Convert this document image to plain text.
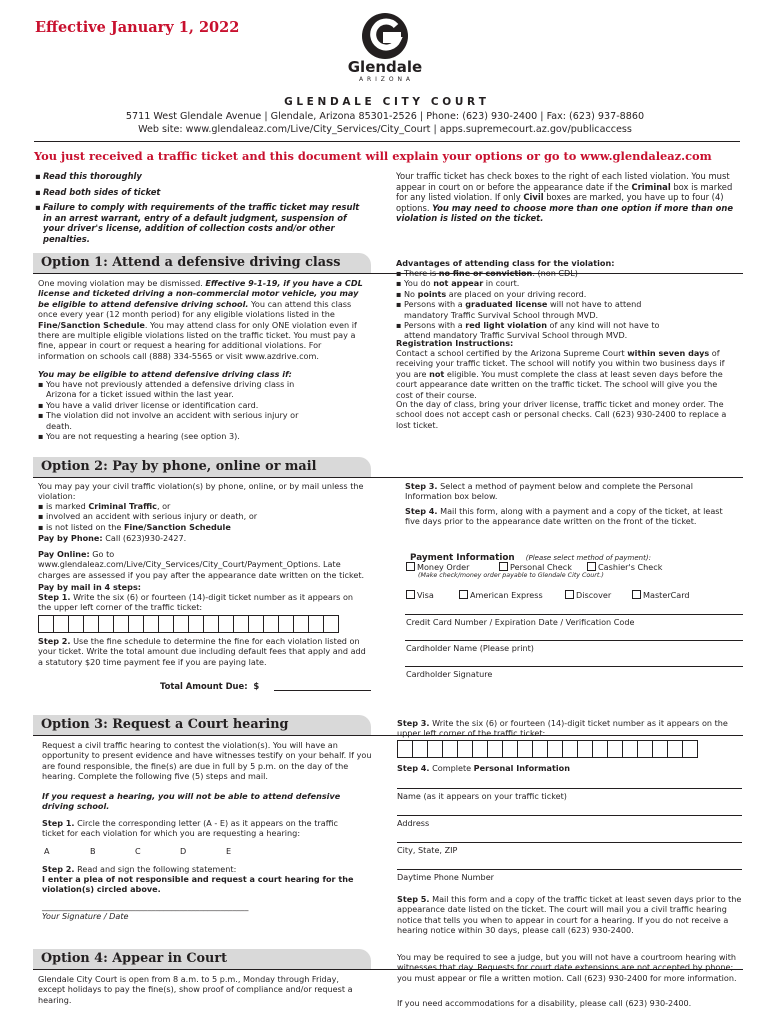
Effective January 1, 2022
Glendale
A R I Z O N A
G L E N D A L E   C I T Y   C O U R T
5711 West Glendale Avenue | Glendale, Arizona 85301-2526 | Phone: (623) 930-2400 | Fax: (623) 937-8860
Web site: www.glendaleaz.com/Live/City_Services/City_Court | apps.supremecourt.az.gov/publicaccess
You just received a traffic ticket and this document will explain your options or go to www.glendaleaz.com
▪ Read this thoroughly
▪ Read both sides of ticket
▪ Failure to comply with requirements of the traffic ticket may result in an arrest warrant, entry of a default judgment, suspension of your driver's license, addition of collection costs and/or other penalties.

Your traffic ticket has check boxes to the right of each listed violation. You must appear in court on or before the appearance date if the Criminal box is marked for any listed violation. If only Civil boxes are marked, you have up to four (4) options. You may need to choose more than one option if more than one violation is listed on the ticket.

Option 1: Attend a defensive driving class

One moving violation may be dismissed. Effective 9-1-19, if you have a CDL license and ticketed driving a non-commercial motor vehicle, you may be eligible to attend defensive driving school. You can attend this class once every year (12 month period) for any eligible violations listed in the Fine/Sanction Schedule. You may attend class for only ONE violation even if there are multiple eligible violations listed on the traffic ticket. You must pay a fine, appear in court or request a hearing for additional violations. For information on schools call (888) 334-5565 or visit www.azdrive.com.

You may be eligible to attend defensive driving class if:
▪ You have not previously attended a defensive driving class in Arizona for a ticket issued within the last year.
▪ You have a valid driver license or identification card.
▪ The violation did not involve an accident with serious injury or death.
▪ You are not requesting a hearing (see option 3).
Advantages of attending class for the violation:
▪ There is no fine or conviction. (non CDL)
▪ You do not appear in court.
▪ No points are placed on your driving record.
▪ Persons with a graduated license will not have to attend mandatory Traffic Survival School through MVD.
▪ Persons with a red light violation of any kind will not have to attend mandatory Traffic Survival School through MVD.
Registration Instructions:

Contact a school certified by the Arizona Supreme Court within seven days of receiving your traffic ticket. The school will notify you within two business days if you are not eligible. You must complete the class at least seven days before the court appearance date written on the traffic ticket. The school will give you the cost of their course.

On the day of class, bring your driver license, traffic ticket and money order. The school does not accept cash or personal checks. Call (623) 930-2400 to replace a lost ticket.

Option 2: Pay by phone, online or mail

You may pay your civil traffic violation(s) by phone, online, or by mail unless the violation:

▪ is marked Criminal Traffic, or
▪ involved an accident with serious injury or death, or
▪ is not listed on the Fine/Sanction Schedule

Pay by Phone: Call (623)930-2427.

Pay Online: Go to www.glendaleaz.com/Live/City_Services/City_Court/Payment_Options. Late charges are assessed if you pay after the appearance date written on the ticket.

Pay by mail in 4 steps:

Step 1. Write the six (6) or fourteen (14)-digit ticket number as it appears on the upper left corner of the traffic ticket:

Step 2. Use the fine schedule to determine the fine for each violation listed on your ticket. Write the total amount due including default fees that apply and add a statutory $20 time payment fee if you are paying late.

Total Amount Due:  $

Step 3. Select a method of payment below and complete the Personal Information box below.

Step 4. Mail this form, along with a payment and a copy of the ticket, at least five days prior to the appearance date written on the front of the ticket.

Payment Information (Please select method of payment):
Money Order	Personal Check	Cashier's Check
(Make check/money order payable to Glendale City Court.)
Visa	American Express	Discover	MasterCard
Credit Card Number / Expiration Date / Verification Code
Cardholder Name (Please print)
Cardholder Signature
Option 3: Request a Court hearing

Request a civil traffic hearing to contest the violation(s). You will have an opportunity to present evidence and have witnesses testify on your behalf. If you are found responsible, the fine(s) are due in full by 5 p.m. on the day of the hearing. Complete the following five (5) steps and mail.

If you request a hearing, you will not be able to attend defensive driving school.

Step 1. Circle the corresponding letter (A - E) as it appears on the traffic ticket for each violation for which you are requesting a hearing:

A	B	C	D	E

Step 2. Read and sign the following statement:

I enter a plea of not responsible and request a court hearing for the violation(s) circled above.

___________________________________________________
Your Signature / Date

Step 3. Write the six (6) or fourteen (14)-digit ticket number as it appears on the upper left corner of the traffic ticket:

Step 4. Complete Personal Information

Name (as it appears on your traffic ticket)
Address
City, State, ZIP
Daytime Phone Number

Step 5. Mail this form and a copy of the traffic ticket at least seven days prior to the appearance date listed on the ticket. The court will mail you a civil traffic hearing notice that tells you when to appear in court for a hearing. If you do not receive a hearing notice within 30 days, please call (623) 930-2400.

Option 4: Appear in Court

Glendale City Court is open from 8 a.m. to 5 p.m., Monday through Friday, except holidays to pay the fine(s), show proof of compliance and/or request a hearing.

You may be required to see a judge, but you will not have a courtroom hearing with witnesses that day. Requests for court date extensions are not accepted by phone; you must appear or file a written motion. Call (623) 930-2400 for more information.

If you need accommodations for a disability, please call (623) 930-2400.
